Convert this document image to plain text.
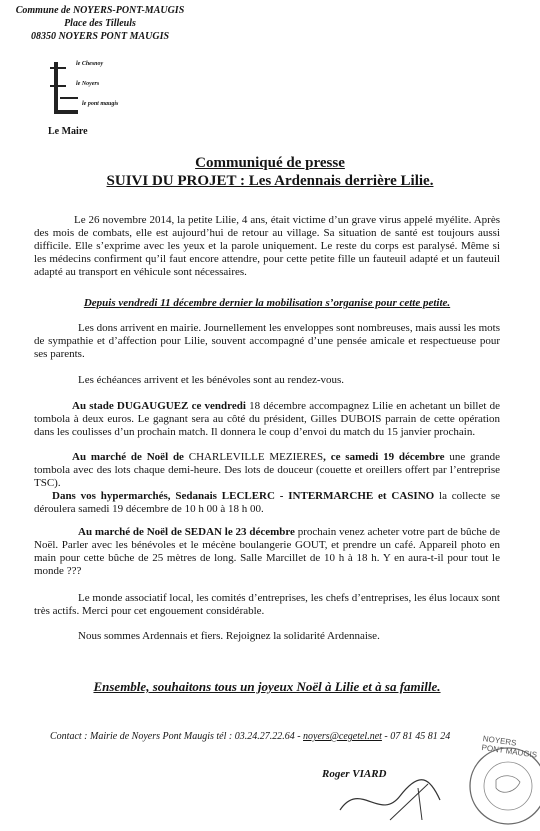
Commune de NOYERS-PONT-MAUGIS
Place des Tilleuls
08350 NOYERS PONT MAUGIS
le Chesnoy
le Noyers
le pont maugis
Le Maire
Communiqué de presse
SUIVI DU PROJET : Les Ardennais derrière Lilie.
Le 26 novembre 2014, la petite Lilie, 4 ans, était victime d’un grave virus appelé myélite. Après des mois de combats, elle est aujourd’hui de retour au village. Sa situation de santé est toujours aussi difficile. Elle s’exprime avec les yeux et la parole uniquement. Le reste du corps est paralysé. Même si les médecins confirment qu’il faut encore attendre, pour cette petite fille un fauteuil adapté et un fauteuil adapté au transport en véhicule sont nécessaires.
Depuis vendredi 11 décembre dernier la mobilisation s’organise pour cette petite.
Les dons arrivent en mairie. Journellement les enveloppes sont nombreuses, mais aussi les mots de sympathie et d’affection pour Lilie, souvent accompagné d’une pensée amicale et respectueuse pour ses parents.
Les échéances arrivent et les bénévoles sont au rendez-vous.
Au stade DUGAUGUEZ ce vendredi 18 décembre accompagnez Lilie en achetant un billet de tombola à deux euros. Le gagnant sera au côté du président, Gilles DUBOIS parrain de cette opération dans les coulisses d’un prochain match. Il donnera le coup d’envoi du match du 15 janvier prochain.
Au marché de Noël de CHARLEVILLE MEZIERES, ce samedi 19 décembre une grande tombola avec des lots chaque demi-heure. Des lots de douceur (couette et oreillers offert par l’entreprise TSC).
Dans vos hypermarchés, Sedanais LECLERC - INTERMARCHE et CASINO la collecte se déroulera samedi 19 décembre de 10 h 00 à 18 h 00.
Au marché de Noël de SEDAN le 23 décembre prochain venez acheter votre part de bûche de Noël. Parler avec les bénévoles et le mécène boulangerie GOUT, et prendre un café. Appareil photo en main pour cette bûche de 25 mètres de long. Salle Marcillet de 10 h à 18 h. Y en aura-t-il pour tout le monde ???
Le monde associatif local, les comités d’entreprises, les chefs d’entreprises, les élus locaux sont très actifs. Merci pour cet engouement considérable.
Nous sommes Ardennais et fiers. Rejoignez la solidarité Ardennaise.
Ensemble, souhaitons tous un joyeux Noël à Lilie et à sa famille.
Contact : Mairie de Noyers Pont Maugis tél : 03.24.27.22.64 - noyers@cegetel.net - 07 81 45 81 24
Roger VIARD
NOYERS PONT MAUGIS
